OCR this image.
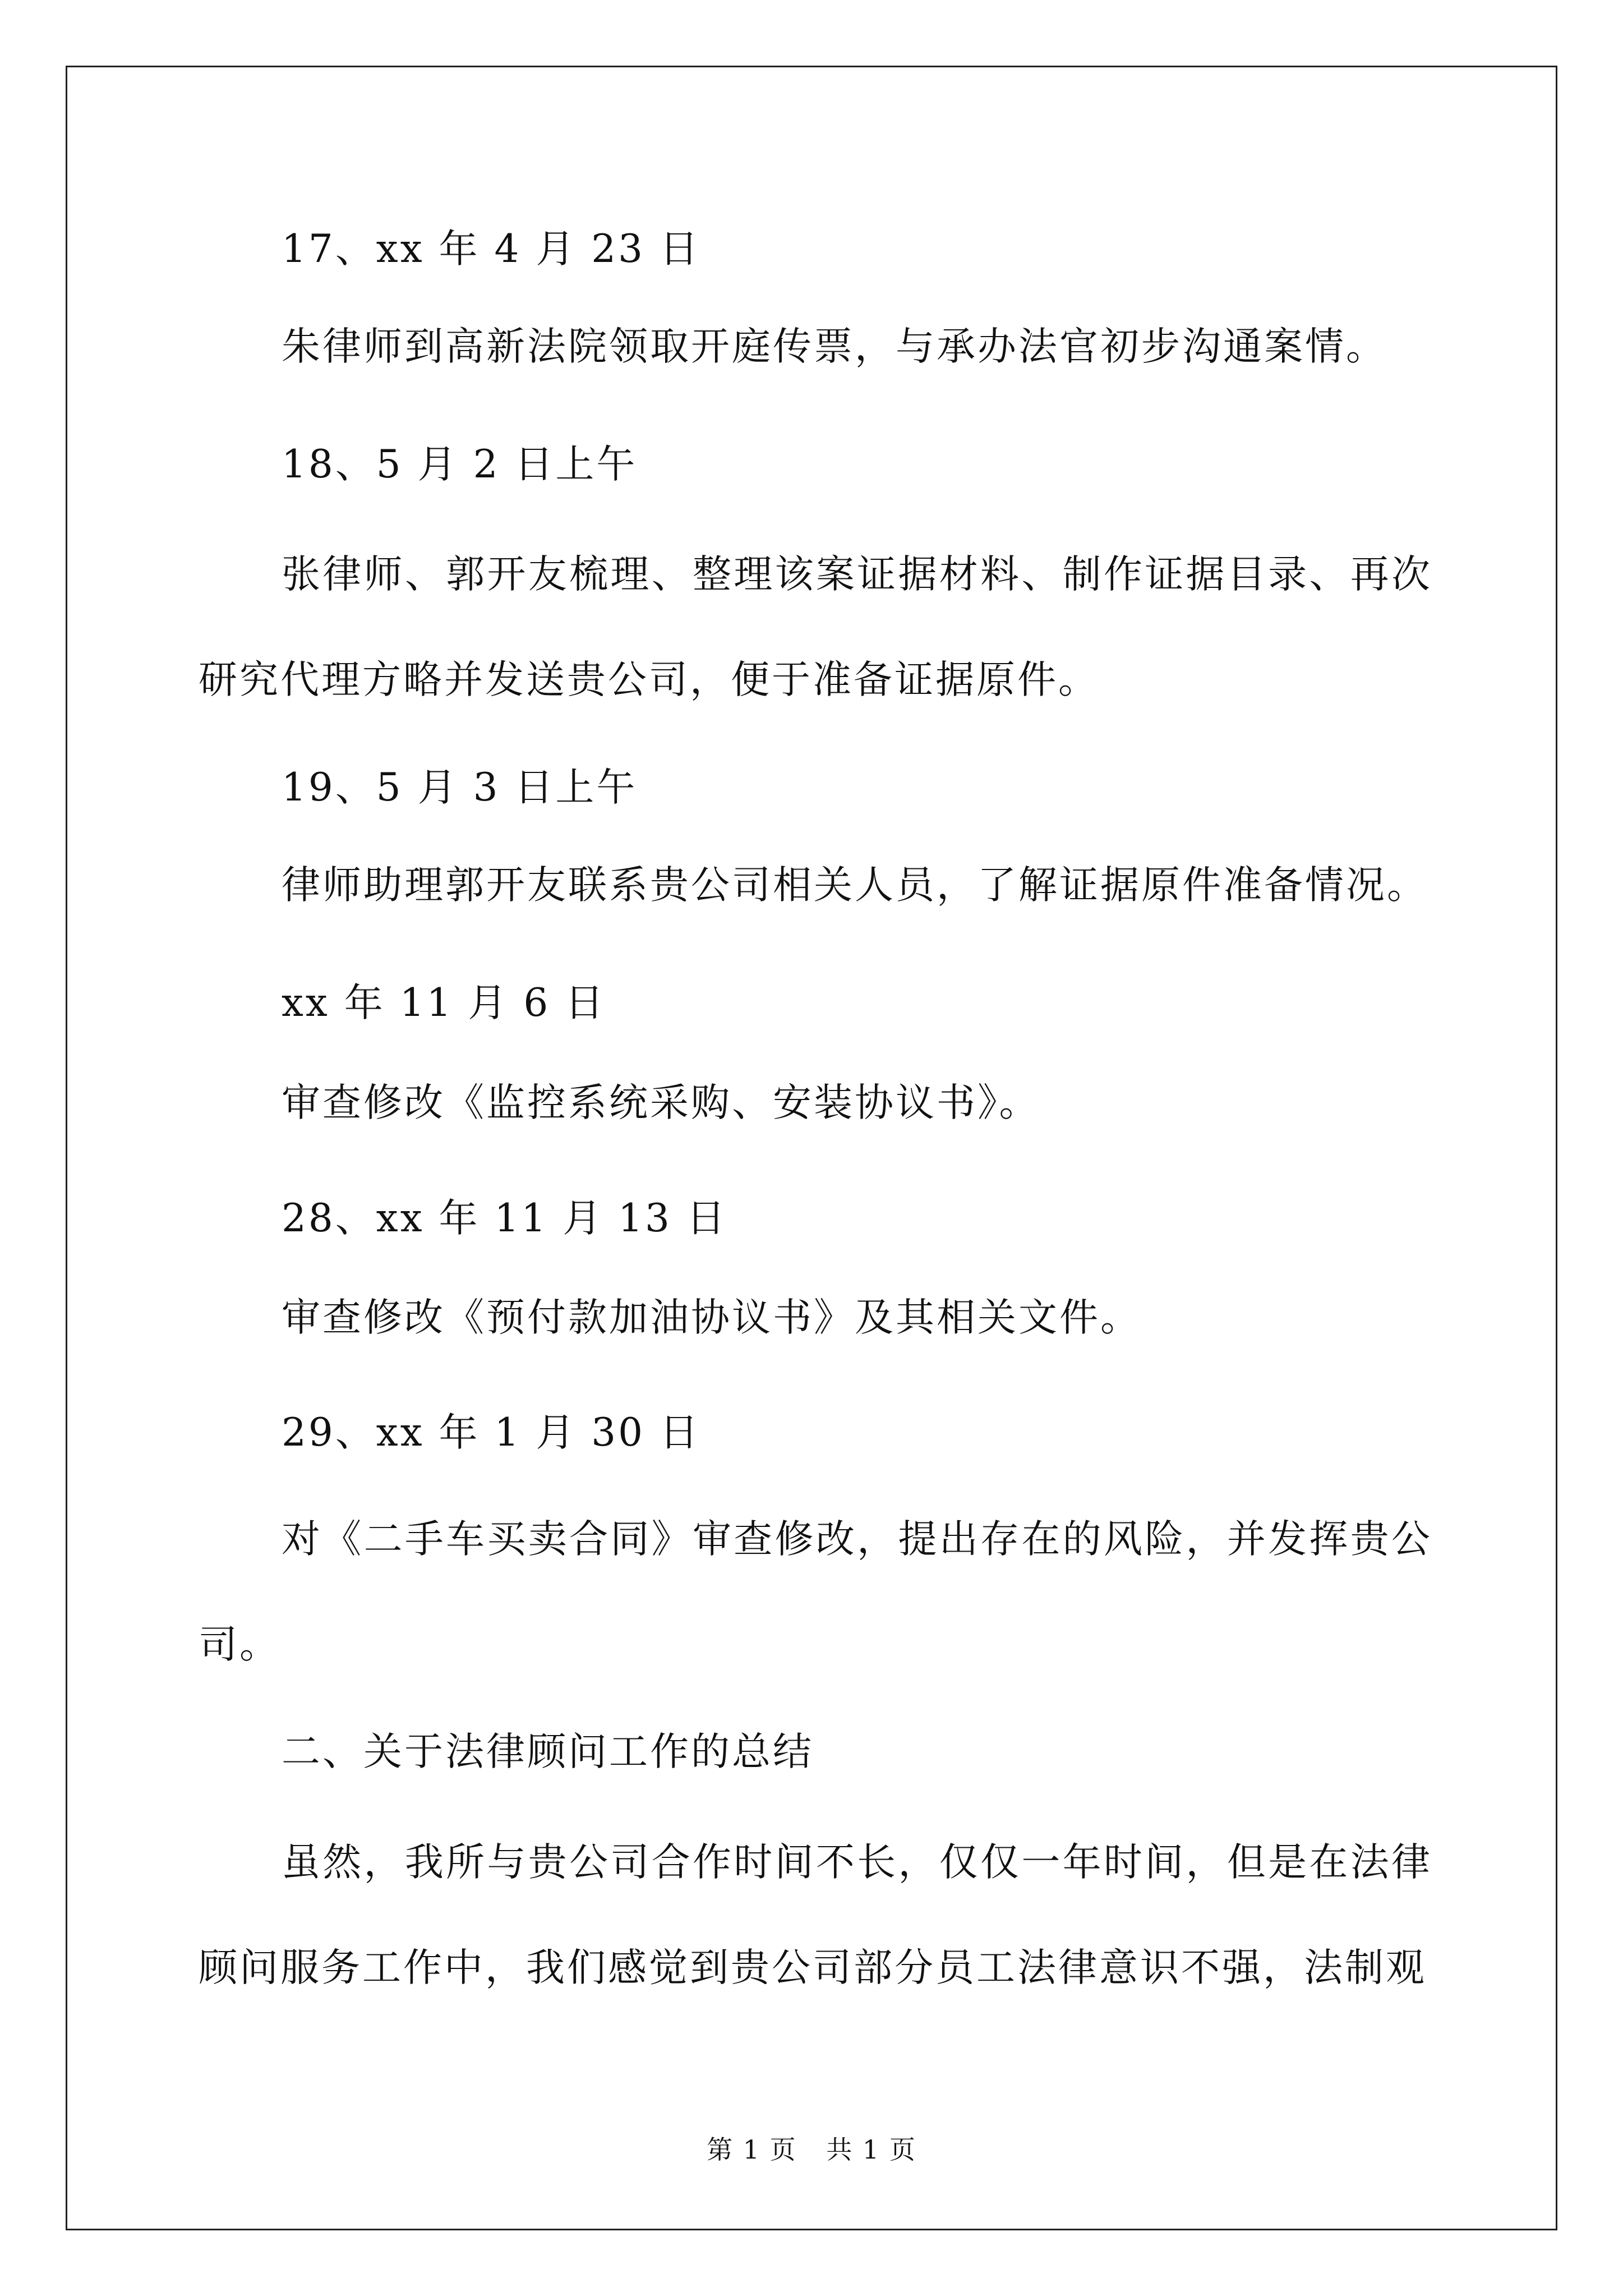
17、xx 年 4 月 23 日
朱律师到高新法院领取开庭传票，与承办法官初步沟通案情。
18、5 月 2 日上午
张律师、郭开友梳理、整理该案证据材料、制作证据目录、再次研究代理方略并发送贵公司，便于准备证据原件。
19、5 月 3 日上午
律师助理郭开友联系贵公司相关人员，了解证据原件准备情况。
xx 年 11 月 6 日
审查修改《监控系统采购、安装协议书》。
28、xx 年 11 月 13 日
审查修改《预付款加油协议书》及其相关文件。
29、xx 年 1 月 30 日
对《二手车买卖合同》审查修改，提出存在的风险，并发挥贵公司。
二、关于法律顾问工作的总结
虽然，我所与贵公司合作时间不长，仅仅一年时间，但是在法律顾问服务工作中，我们感觉到贵公司部分员工法律意识不强，法制观
第 1 页 共 1 页
